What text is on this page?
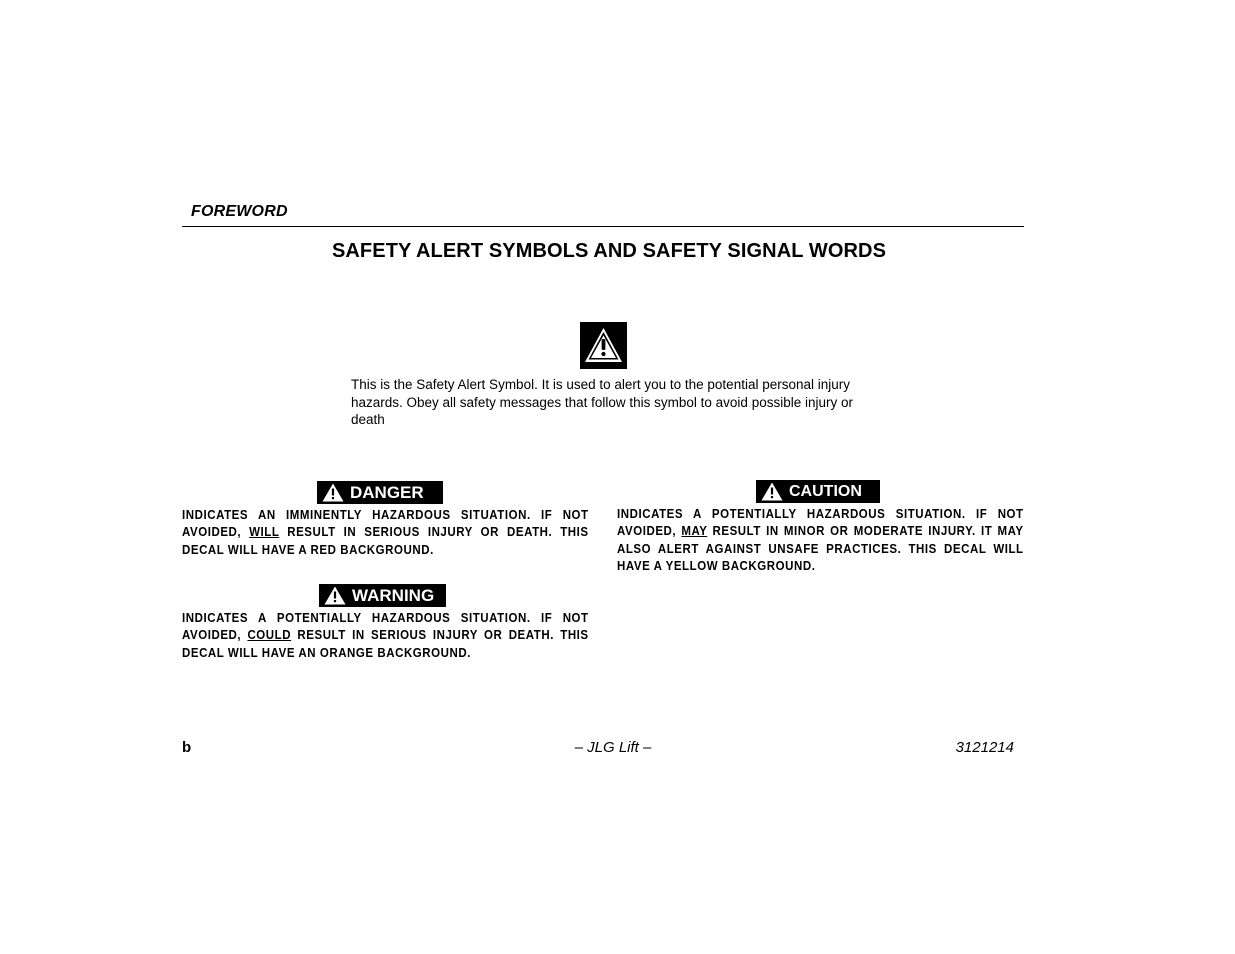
FOREWORD
SAFETY ALERT SYMBOLS AND SAFETY SIGNAL WORDS

This is the Safety Alert Symbol. It is used to alert you to the potential personal injury hazards. Obey all safety messages that follow this symbol to avoid possible injury or death

DANGER
INDICATES AN IMMINENTLY HAZARDOUS SITUATION. IF NOT AVOIDED, WILL RESULT IN SERIOUS INJURY OR DEATH. THIS DECAL WILL HAVE A RED BACKGROUND.
WARNING
INDICATES A POTENTIALLY HAZARDOUS SITUATION. IF NOT AVOIDED, COULD RESULT IN SERIOUS INJURY OR DEATH. THIS DECAL WILL HAVE AN ORANGE BACKGROUND.
CAUTION
INDICATES A POTENTIALLY HAZARDOUS SITUATION. IF NOT AVOIDED, MAY RESULT IN MINOR OR MODERATE INJURY. IT MAY ALSO ALERT AGAINST UNSAFE PRACTICES. THIS DECAL WILL HAVE A YELLOW BACKGROUND.
b	– JLG Lift –	3121214
